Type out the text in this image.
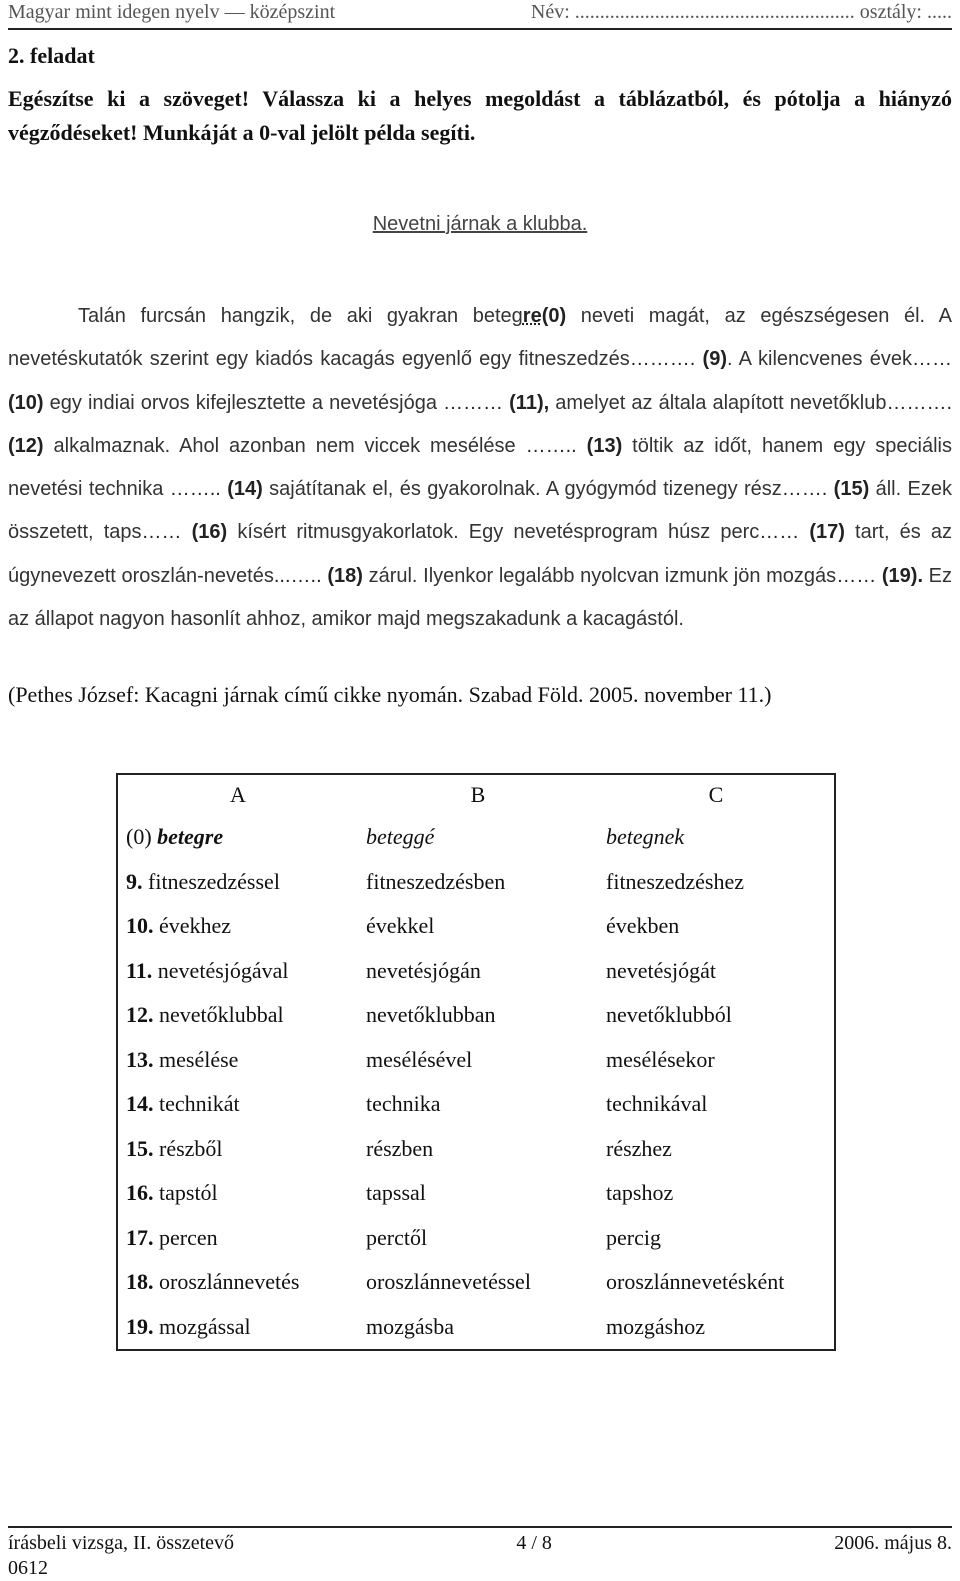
Magyar mint idegen nyelv — középszint	Név: ........................................................ osztály: .....
2. feladat
Egészítse ki a szöveget! Válassza ki a helyes megoldást a táblázatból, és pótolja a hiányzó végződéseket! Munkáját a 0-val jelölt példa segíti.
Nevetni járnak a klubba.
Talán furcsán hangzik, de aki gyakran betegre(0) neveti magát, az egészségesen él. A nevetéskutatók szerint egy kiadós kacagás egyenlő egy fitneszedzés………. (9). A kilencvenes évek…… (10) egy indiai orvos kifejlesztette a nevetésjóga ……… (11), amelyet az általa alapított nevetőklub………. (12) alkalmaznak. Ahol azonban nem viccek mesélése …….. (13) töltik az időt, hanem egy speciális nevetési technika …….. (14) sajátítanak el, és gyakorolnak. A gyógymód tizenegy rész……. (15) áll. Ezek összetett, taps…… (16) kísért ritmusgyakorlatok. Egy nevetésprogram húsz perc…… (17) tart, és az úgynevezett oroszlán-nevetés...….. (18) zárul. Ilyenkor legalább nyolcvan izmunk jön mozgás…… (19). Ez az állapot nagyon hasonlít ahhoz, amikor majd megszakadunk a kacagástól.
(Pethes József: Kacagni járnak című cikke nyomán. Szabad Föld. 2005. november 11.)
A	B	C
(0) betegre	beteggé	betegnek
9. fitneszedzéssel	fitneszedzésben	fitneszedzéshez
10. évekhez	évekkel	években
11. nevetésjógával	nevetésjógán	nevetésjógát
12. nevetőklubbal	nevetőklubban	nevetőklubból
13. mesélése	mesélésével	mesélésekor
14. technikát	technika	technikával
15. részből	részben	részhez
16. tapstól	tapssal	tapshoz
17. percen	perctől	percig
18. oroszlánnevetés	oroszlánnevetéssel	oroszlánnevetésként
19. mozgással	mozgásba	mozgáshoz
írásbeli vizsga, II. összetevő	4 / 8	2006. május 8.
0612
